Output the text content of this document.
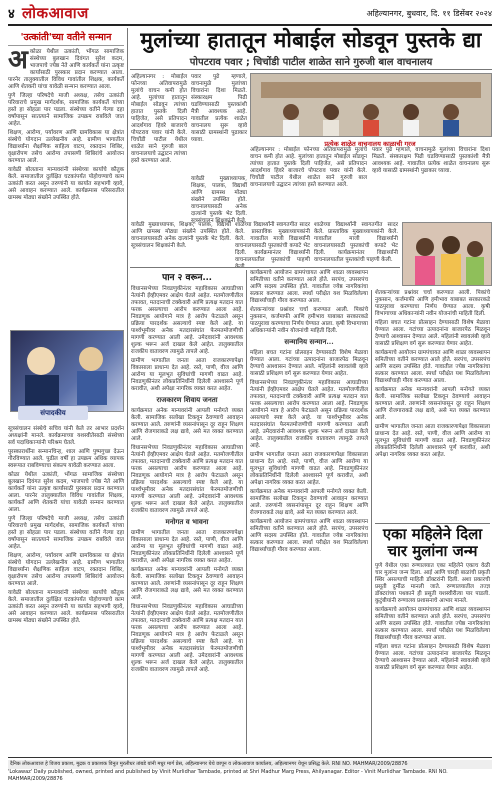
४ लोकआवाज	अहिल्यानगर, बुधवार, दि. ११ डिसेंबर २०२४
'उत्कांती'च्या वतीने सन्मान
अ कोळा येथील उत्कांती, भोंगळ सामाजिक संस्थेच्या बुलखान दिवंगत सुरेश कदम, भाजपाचे ज्येष्ठ नेते आणि कार्यकर्ते यांना उत्कृष्ट कार्यासाठी पुरस्कार प्रदान करण्यात आला. पारनेर तालुक्यातील विविध गावांतील शिक्षक, कार्यकर्ते आणि शेतकरी यांचा यावेळी सन्मान करण्यात आला.

पुणे जिल्हा परिषदेचे माजी अध्यक्ष, तसेच उत्कांती परिवाराचे प्रमुख मार्गदर्शक, सामाजिक कार्यकर्ते यांच्या हस्ते हा सोहळा पार पडला. संस्थेच्या वतीने गेल्या दहा वर्षांपासून सातत्याने सामाजिक उपक्रम राबविले जात आहेत.

शिक्षण, आरोग्य, पर्यावरण आणि ग्रामविकास या क्षेत्रांत संस्थेचे योगदान उल्लेखनीय आहे. ग्रामीण भागातील विद्यार्थ्यांना शैक्षणिक साहित्य वाटप, रक्तदान शिबिर, वृक्षारोपण तसेच आरोग्य तपासणी शिबिरांचे आयोजन करण्यात आले.

यावेळी बोलताना मान्यवरांनी संस्थेच्या कार्याचे कौतुक केले. समाजातील दुर्लक्षित घटकांपर्यंत पोहोचण्याचे काम उत्कांती करत असून तरुणांनी या कार्यात सहभागी व्हावे, असे आवाहन करण्यात आले. कार्यक्रमास परिसरातील ग्रामस्थ मोठ्या संख्येने उपस्थित होते.

संपादकीय

सूत्रसंचालन संस्थेचे सचिव यांनी केले तर आभार प्रदर्शन अध्यक्षांनी मानले. कार्यक्रमाच्या यशस्वीतेसाठी संस्थेच्या सर्व पदाधिकाऱ्यांनी परिश्रम घेतले.

पुरस्कारार्थींना सन्मानचिन्ह, शाल आणि पुष्पगुच्छ देऊन गौरविण्यात आले. पुढील वर्षी हा उपक्रम अधिक व्यापक स्वरूपात राबविण्याचा संकल्प यावेळी करण्यात आला.

कोळा येथील उत्कांती, भोंगळ सामाजिक संस्थेच्या बुलखान दिवंगत सुरेश कदम, भाजपाचे ज्येष्ठ नेते आणि कार्यकर्ते यांना उत्कृष्ट कार्यासाठी पुरस्कार प्रदान करण्यात आला. पारनेर तालुक्यातील विविध गावांतील शिक्षक, कार्यकर्ते आणि शेतकरी यांचा यावेळी सन्मान करण्यात आला.

पुणे जिल्हा परिषदेचे माजी अध्यक्ष, तसेच उत्कांती परिवाराचे प्रमुख मार्गदर्शक, सामाजिक कार्यकर्ते यांच्या हस्ते हा सोहळा पार पडला. संस्थेच्या वतीने गेल्या दहा वर्षांपासून सातत्याने सामाजिक उपक्रम राबविले जात आहेत.

शिक्षण, आरोग्य, पर्यावरण आणि ग्रामविकास या क्षेत्रांत संस्थेचे योगदान उल्लेखनीय आहे. ग्रामीण भागातील विद्यार्थ्यांना शैक्षणिक साहित्य वाटप, रक्तदान शिबिर, वृक्षारोपण तसेच आरोग्य तपासणी शिबिरांचे आयोजन करण्यात आले.

यावेळी बोलताना मान्यवरांनी संस्थेच्या कार्याचे कौतुक केले. समाजातील दुर्लक्षित घटकांपर्यंत पोहोचण्याचे काम उत्कांती करत असून तरुणांनी या कार्यात सहभागी व्हावे, असे आवाहन करण्यात आले. कार्यक्रमास परिसरातील ग्रामस्थ मोठ्या संख्येने उपस्थित होते.

मुलांच्या हातातून मोबाईल सोडवून पुस्तके द्या
पोपटराव पवार ; चिचोंडी पाटील शाळेत साने गुरुजी बाल वाचनालय

अहिल्यानगर : मोबाईल फोनच्या अतिवापरामुळे मुलांचे वाचन कमी होत आहे. मुलांच्या हातातून मोबाईल सोडवून त्यांच्या हातात पुस्तके दिली पाहिजेत, असे प्रतिपादन आदर्शगाव हिवरे बाजारचे पोपटराव पवार यांनी केले. चिचोंडी पाटील येथील शाळेत साने गुरुजी बाल वाचनालयाचे उद्घाटन त्यांच्या हस्ते करण्यात आले.

पवार पुढे म्हणाले, वाचनामुळे मुलांच्या विचारांना दिशा मिळते. संस्कारक्षम पिढी घडविण्यासाठी पुस्तकांशी मैत्री आवश्यक आहे. गावातील प्रत्येक शाळेत वाचनालय सुरू व्हावे यासाठी ग्रामस्थांनी पुढाकार घ्यावा.	प्रत्येक शाळेत वाचनालय काळाची गरज

अहिल्यानगर : मोबाईल फोनच्या अतिवापरामुळे मुलांचे वाचन कमी होत आहे. मुलांच्या हातातून मोबाईल सोडवून त्यांच्या हातात पुस्तके दिली पाहिजेत, असे प्रतिपादन आदर्शगाव हिवरे बाजारचे पोपटराव पवार यांनी केले. चिचोंडी पाटील येथील शाळेत साने गुरुजी बाल वाचनालयाचे उद्घाटन त्यांच्या हस्ते करण्यात आले.

पवार पुढे म्हणाले, वाचनामुळे मुलांच्या विचारांना दिशा मिळते. संस्कारक्षम पिढी घडविण्यासाठी पुस्तकांशी मैत्री आवश्यक आहे. गावातील प्रत्येक शाळेत वाचनालय सुरू व्हावे यासाठी ग्रामस्थांनी पुढाकार घ्यावा.

यावेळी मुख्याध्यापक, शिक्षक, पालक, विद्यार्थी आणि ग्रामस्थ मोठ्या संख्येने उपस्थित होते. वाचनालयासाठी अनेक दात्यांनी पुस्तके भेट दिली. सूत्रसंचालन शिक्षकांनी केले.

यावेळी मुख्याध्यापक, शिक्षक, पालक, विद्यार्थी आणि ग्रामस्थ मोठ्या संख्येने उपस्थित होते. वाचनालयासाठी अनेक दात्यांनी पुस्तके भेट दिली. सूत्रसंचालन शिक्षकांनी केले.

शाळेच्या विद्यार्थ्यांनी स्वागतगीत सादर केले. प्रास्ताविक मुख्याध्यापकांनी केले. गावातील माजी विद्यार्थ्यांनी वाचनालयासाठी पुस्तकांची कपाटे भेट दिली. कार्यक्रमानंतर विद्यार्थ्यांनी वाचनालयातील पुस्तकांची पाहणी

शाळेच्या विद्यार्थ्यांनी स्वागतगीत सादर केले. प्रास्ताविक मुख्याध्यापकांनी केले. गावातील माजी विद्यार्थ्यांनी वाचनालयासाठी पुस्तकांची कपाटे भेट दिली. कार्यक्रमानंतर विद्यार्थ्यांनी वाचनालयातील पुस्तकांची पाहणी केली.

पान २ वरून...

विधानसभेच्या निवडणुकीनंतर महाविकास आघाडीच्या नेत्यांनी ईव्हीएमवर आक्षेप घेतले आहेत. मतमोजणीतील तफावत, मतदानाची टक्केवारी आणि प्रत्यक्ष मतदान यात फरक असल्याचा आरोप करण्यात आला आहे. निवडणूक आयोगाने मात्र हे आरोप फेटाळले असून प्रक्रिया पारदर्शक असल्याचे स्पष्ट केले आहे. या पार्श्वभूमीवर अनेक मतदारसंघांत फेरमतमोजणीची मागणी करण्यात आली आहे. उमेदवारांनी आवश्यक शुल्क भरून अर्ज दाखल केले आहेत. तालुक्यातील राजकीय वातावरण त्यामुळे तापले आहे.

ग्रामीण भागातील जनता आता राजकारणापेक्षा विकासाला प्राधान्य देत आहे. रस्ते, पाणी, वीज आणि आरोग्य या मूलभूत सुविधांची मागणी वाढत आहे. निवडणुकीनंतर लोकप्रतिनिधींनी दिलेली आश्वासने पूर्ण करावीत, अशी अपेक्षा नागरिक व्यक्त करत आहेत.

राजकारण शिवाय जनता

कार्यक्रमात अनेक मान्यवरांनी आपली मनोगते व्यक्त केली. सामाजिक सलोखा टिकवून ठेवण्याचे आवाहन करण्यात आले. तरुणांनी व्यसनांपासून दूर राहून शिक्षण आणि रोजगाराकडे लक्ष द्यावे, असे मत व्यक्त करण्यात आले.

विधानसभेच्या निवडणुकीनंतर महाविकास आघाडीच्या नेत्यांनी ईव्हीएमवर आक्षेप घेतले आहेत. मतमोजणीतील तफावत, मतदानाची टक्केवारी आणि प्रत्यक्ष मतदान यात फरक असल्याचा आरोप करण्यात आला आहे. निवडणूक आयोगाने मात्र हे आरोप फेटाळले असून प्रक्रिया पारदर्शक असल्याचे स्पष्ट केले आहे. या पार्श्वभूमीवर अनेक मतदारसंघांत फेरमतमोजणीची मागणी करण्यात आली आहे. उमेदवारांनी आवश्यक शुल्क भरून अर्ज दाखल केले आहेत. तालुक्यातील राजकीय वातावरण त्यामुळे तापले आहे.

मनोगत व भावना

ग्रामीण भागातील जनता आता राजकारणापेक्षा विकासाला प्राधान्य देत आहे. रस्ते, पाणी, वीज आणि आरोग्य या मूलभूत सुविधांची मागणी वाढत आहे. निवडणुकीनंतर लोकप्रतिनिधींनी दिलेली आश्वासने पूर्ण करावीत, अशी अपेक्षा नागरिक व्यक्त करत आहेत.

कार्यक्रमात अनेक मान्यवरांनी आपली मनोगते व्यक्त केली. सामाजिक सलोखा टिकवून ठेवण्याचे आवाहन करण्यात आले. तरुणांनी व्यसनांपासून दूर राहून शिक्षण आणि रोजगाराकडे लक्ष द्यावे, असे मत व्यक्त करण्यात आले.

विधानसभेच्या निवडणुकीनंतर महाविकास आघाडीच्या नेत्यांनी ईव्हीएमवर आक्षेप घेतले आहेत. मतमोजणीतील तफावत, मतदानाची टक्केवारी आणि प्रत्यक्ष मतदान यात फरक असल्याचा आरोप करण्यात आला आहे. निवडणूक आयोगाने मात्र हे आरोप फेटाळले असून प्रक्रिया पारदर्शक असल्याचे स्पष्ट केले आहे. या पार्श्वभूमीवर अनेक मतदारसंघांत फेरमतमोजणीची मागणी करण्यात आली आहे. उमेदवारांनी आवश्यक शुल्क भरून अर्ज दाखल केले आहेत. तालुक्यातील राजकीय वातावरण त्यामुळे तापले आहे.

कार्यक्रमाचे आयोजन ग्रामपंचायत आणि शाळा व्यवस्थापन समितीच्या वतीने करण्यात आले होते. सरपंच, उपसरपंच आणि सदस्य उपस्थित होते. गावातील ज्येष्ठ नागरिकांचा सत्कार करण्यात आला. स्पर्धा परीक्षेत यश मिळविलेल्या विद्यार्थ्यांचाही गौरव करण्यात आला.

शेतकऱ्यांच्या प्रश्नांवर चर्चा करण्यात आली. पिकांचे नुकसान, कर्जमाफी आणि हमीभाव याबाबत सरकारकडे पाठपुरावा करण्याचा निर्णय घेण्यात आला. कृषी विभागाच्या अधिकाऱ्यांनी नवीन योजनांची माहिती दिली.

सन्मानिय सन्मान...

महिला बचत गटांना प्रोत्साहन देण्यासाठी विशेष मेळावा घेण्यात आला. गटांच्या उत्पादनांना बाजारपेठ मिळवून देण्याचे आश्वासन देण्यात आले. महिलांनी स्वावलंबी व्हावे यासाठी प्रशिक्षण वर्ग सुरू करण्यात येणार आहेत.

विधानसभेच्या निवडणुकीनंतर महाविकास आघाडीच्या नेत्यांनी ईव्हीएमवर आक्षेप घेतले आहेत. मतमोजणीतील तफावत, मतदानाची टक्केवारी आणि प्रत्यक्ष मतदान यात फरक असल्याचा आरोप करण्यात आला आहे. निवडणूक आयोगाने मात्र हे आरोप फेटाळले असून प्रक्रिया पारदर्शक असल्याचे स्पष्ट केले आहे. या पार्श्वभूमीवर अनेक मतदारसंघांत फेरमतमोजणीची मागणी करण्यात आली आहे. उमेदवारांनी आवश्यक शुल्क भरून अर्ज दाखल केले आहेत. तालुक्यातील राजकीय वातावरण त्यामुळे तापले आहे.

ग्रामीण भागातील जनता आता राजकारणापेक्षा विकासाला प्राधान्य देत आहे. रस्ते, पाणी, वीज आणि आरोग्य या मूलभूत सुविधांची मागणी वाढत आहे. निवडणुकीनंतर लोकप्रतिनिधींनी दिलेली आश्वासने पूर्ण करावीत, अशी अपेक्षा नागरिक व्यक्त करत आहेत.

कार्यक्रमात अनेक मान्यवरांनी आपली मनोगते व्यक्त केली. सामाजिक सलोखा टिकवून ठेवण्याचे आवाहन करण्यात आले. तरुणांनी व्यसनांपासून दूर राहून शिक्षण आणि रोजगाराकडे लक्ष द्यावे, असे मत व्यक्त करण्यात आले.

कार्यक्रमाचे आयोजन ग्रामपंचायत आणि शाळा व्यवस्थापन समितीच्या वतीने करण्यात आले होते. सरपंच, उपसरपंच आणि सदस्य उपस्थित होते. गावातील ज्येष्ठ नागरिकांचा सत्कार करण्यात आला. स्पर्धा परीक्षेत यश मिळविलेल्या विद्यार्थ्यांचाही गौरव करण्यात आला.

शेतकऱ्यांच्या प्रश्नांवर चर्चा करण्यात आली. पिकांचे नुकसान, कर्जमाफी आणि हमीभाव याबाबत सरकारकडे पाठपुरावा करण्याचा निर्णय घेण्यात आला. कृषी विभागाच्या अधिकाऱ्यांनी नवीन योजनांची माहिती दिली.

महिला बचत गटांना प्रोत्साहन देण्यासाठी विशेष मेळावा घेण्यात आला. गटांच्या उत्पादनांना बाजारपेठ मिळवून देण्याचे आश्वासन देण्यात आले. महिलांनी स्वावलंबी व्हावे यासाठी प्रशिक्षण वर्ग सुरू करण्यात येणार आहेत.

कार्यक्रमाचे आयोजन ग्रामपंचायत आणि शाळा व्यवस्थापन समितीच्या वतीने करण्यात आले होते. सरपंच, उपसरपंच आणि सदस्य उपस्थित होते. गावातील ज्येष्ठ नागरिकांचा सत्कार करण्यात आला. स्पर्धा परीक्षेत यश मिळविलेल्या विद्यार्थ्यांचाही गौरव करण्यात आला.

कार्यक्रमात अनेक मान्यवरांनी आपली मनोगते व्यक्त केली. सामाजिक सलोखा टिकवून ठेवण्याचे आवाहन करण्यात आले. तरुणांनी व्यसनांपासून दूर राहून शिक्षण आणि रोजगाराकडे लक्ष द्यावे, असे मत व्यक्त करण्यात आले.

ग्रामीण भागातील जनता आता राजकारणापेक्षा विकासाला प्राधान्य देत आहे. रस्ते, पाणी, वीज आणि आरोग्य या मूलभूत सुविधांची मागणी वाढत आहे. निवडणुकीनंतर लोकप्रतिनिधींनी दिलेली आश्वासने पूर्ण करावीत, अशी अपेक्षा नागरिक व्यक्त करत आहेत.

एका महिलेने दिला चार मुलांना जन्म

पुणे येथील एका रुग्णालयात एका महिलेने एकाच वेळी चार मुलांना जन्म दिला. आई आणि चारही बाळांची प्रकृती स्थिर असल्याची माहिती डॉक्टरांनी दिली. अशा प्रकारची प्रसूती दुर्मीळ मानली जाते. रुग्णालयातील तज्ज्ञ डॉक्टरांच्या पथकाने ही प्रसूती यशस्वीरीत्या पार पाडली. कुटुंबीयांनी रुग्णालय प्रशासनाचे आभार मानले.

कार्यक्रमाचे आयोजन ग्रामपंचायत आणि शाळा व्यवस्थापन समितीच्या वतीने करण्यात आले होते. सरपंच, उपसरपंच आणि सदस्य उपस्थित होते. गावातील ज्येष्ठ नागरिकांचा सत्कार करण्यात आला. स्पर्धा परीक्षेत यश मिळविलेल्या विद्यार्थ्यांचाही गौरव करण्यात आला.

महिला बचत गटांना प्रोत्साहन देण्यासाठी विशेष मेळावा घेण्यात आला. गटांच्या उत्पादनांना बाजारपेठ मिळवून देण्याचे आश्वासन देण्यात आले. महिलांनी स्वावलंबी व्हावे यासाठी प्रशिक्षण वर्ग सुरू करण्यात येणार आहेत.

दैनिक लोकआवाज हे विजय प्रकाश, मुद्रक व प्रकाशक विनुत मुरलीधर तांबडे यांनी मधुर मार्ग प्रेस, अहिल्यानगर येथे छापून व लोकआवाज कार्यालय, अहिल्यानगर येथून प्रसिद्ध केले. RNI NO. MAHMAR/2009/28876
'Lokawaz' Daily published, owned, printed and published by Vinit Murlidhar Tambade, printed at Shri Madhur Marg Press, Ahilyanagar. Editor - Vinit Murlidhar Tambade. RNI NO. MAHMAR/2009/28876
